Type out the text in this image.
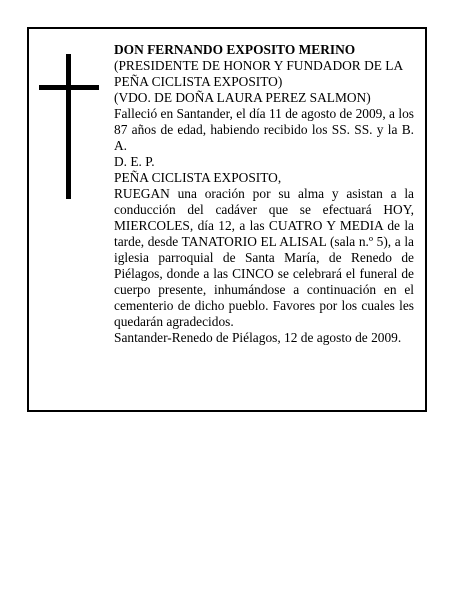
DON FERNANDO EXPOSITO MERINO

(PRESIDENTE DE HONOR Y FUNDADOR DE LA PEÑA CICLISTA EXPOSITO)

(VDO. DE DOÑA LAURA PEREZ SALMON)

Falleció en Santander, el día 11 de agosto de 2009, a los 87 años de edad, habiendo recibido los SS. SS. y la B. A.

D. E. P.

PEÑA CICLISTA EXPOSITO,

RUEGAN una oración por su alma y asistan a la conducción del cadáver que se efectuará HOY, MIERCOLES, día 12, a las CUATRO Y MEDIA de la tarde, desde TANATORIO EL ALISAL (sala n.º 5), a la iglesia parroquial de Santa María, de Renedo de Piélagos, donde a las CINCO se celebrará el funeral de cuerpo presente, inhumándose a continuación en el cementerio de dicho pueblo. Favores por los cuales les quedarán agradecidos.

Santander-Renedo de Piélagos, 12 de agosto de 2009.
